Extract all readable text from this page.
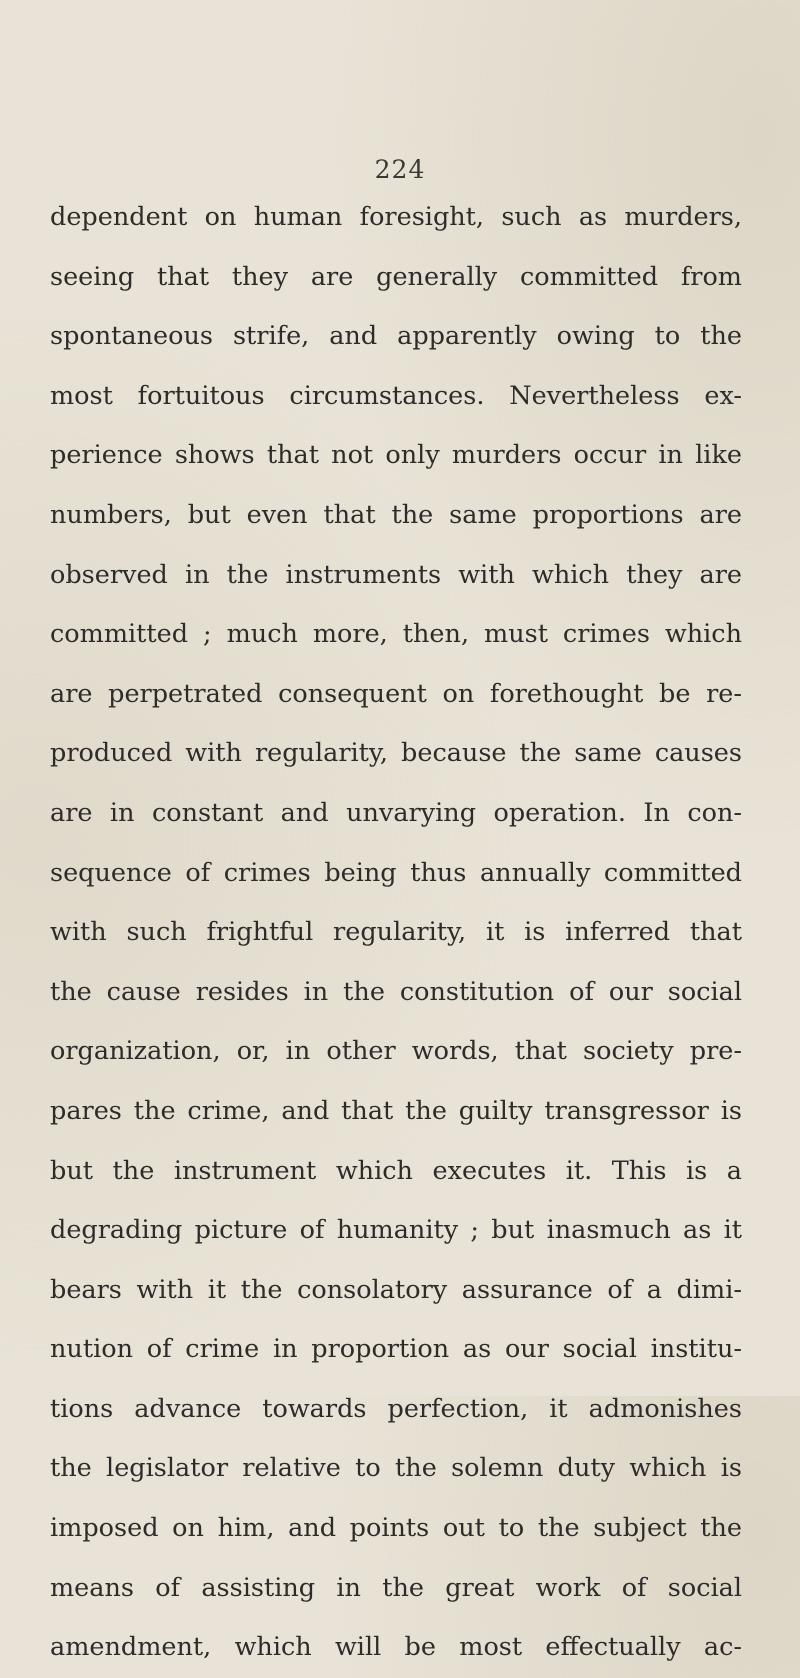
224
dependent on human foresight, such as murders,
seeing that they are generally committed from
spontaneous strife, and apparently owing to the
most fortuitous circumstances. Nevertheless ex-
perience shows that not only murders occur in like
numbers, but even that the same proportions are
observed in the instruments with which they are
committed ; much more, then, must crimes which
are perpetrated consequent on forethought be re-
produced with regularity, because the same causes
are in constant and unvarying operation. In con-
sequence of crimes being thus annually committed
with such frightful regularity, it is inferred that
the cause resides in the constitution of our social
organization, or, in other words, that society pre-
pares the crime, and that the guilty transgressor is
but the instrument which executes it. This is a
degrading picture of humanity ; but inasmuch as it
bears with it the consolatory assurance of a dimi-
nution of crime in proportion as our social institu-
tions advance towards perfection, it admonishes
the legislator relative to the solemn duty which is
imposed on him, and points out to the subject the
means of assisting in the great work of social
amendment, which will be most effectually ac-
